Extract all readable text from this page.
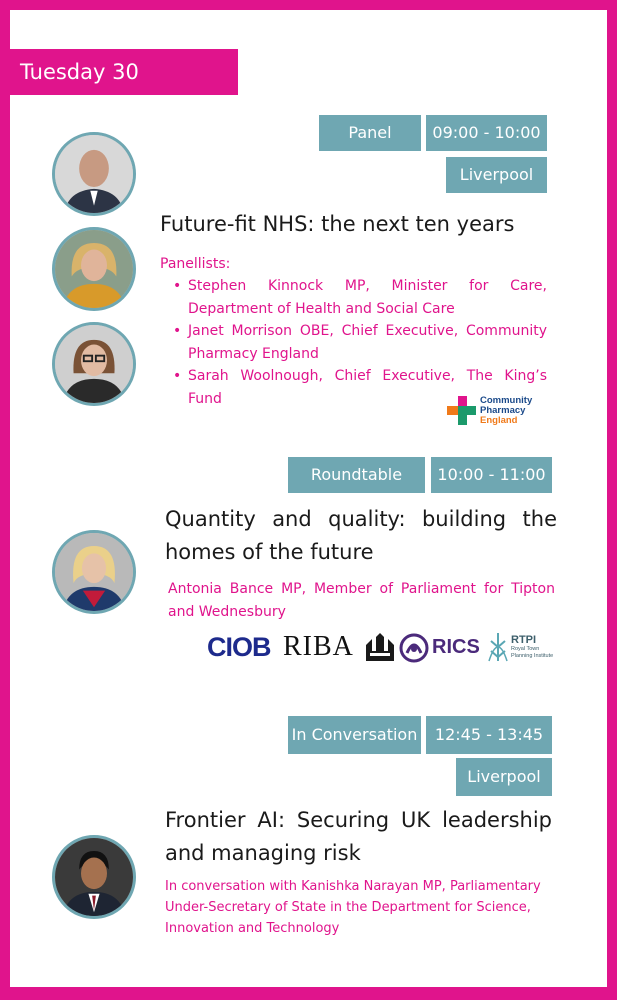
Tuesday 30 September
Panel	09:00 - 10:00
Liverpool
Future-fit NHS: the next ten years
Panellists:
• Stephen Kinnock MP, Minister for Care, Department of Health and Social Care
• Janet Morrison OBE, Chief Executive, Community Pharmacy England
• Sarah Woolnough, Chief Executive, The King’s Fund	Community
Pharmacy
England
Roundtable	10:00 - 11:00
Quantity and quality: building the homes of the future
Antonia Bance MP, Member of Parliament for Tipton and Wednesbury
CIOB RIBA	RICS	RTPI
Royal Town
Planning Institute
In Conversation	12:45 - 13:45
Liverpool
Frontier AI: Securing UK leadership and managing risk
In conversation with Kanishka Narayan MP, Parliamentary Under-Secretary of State in the Department for Science, Innovation and Technology
